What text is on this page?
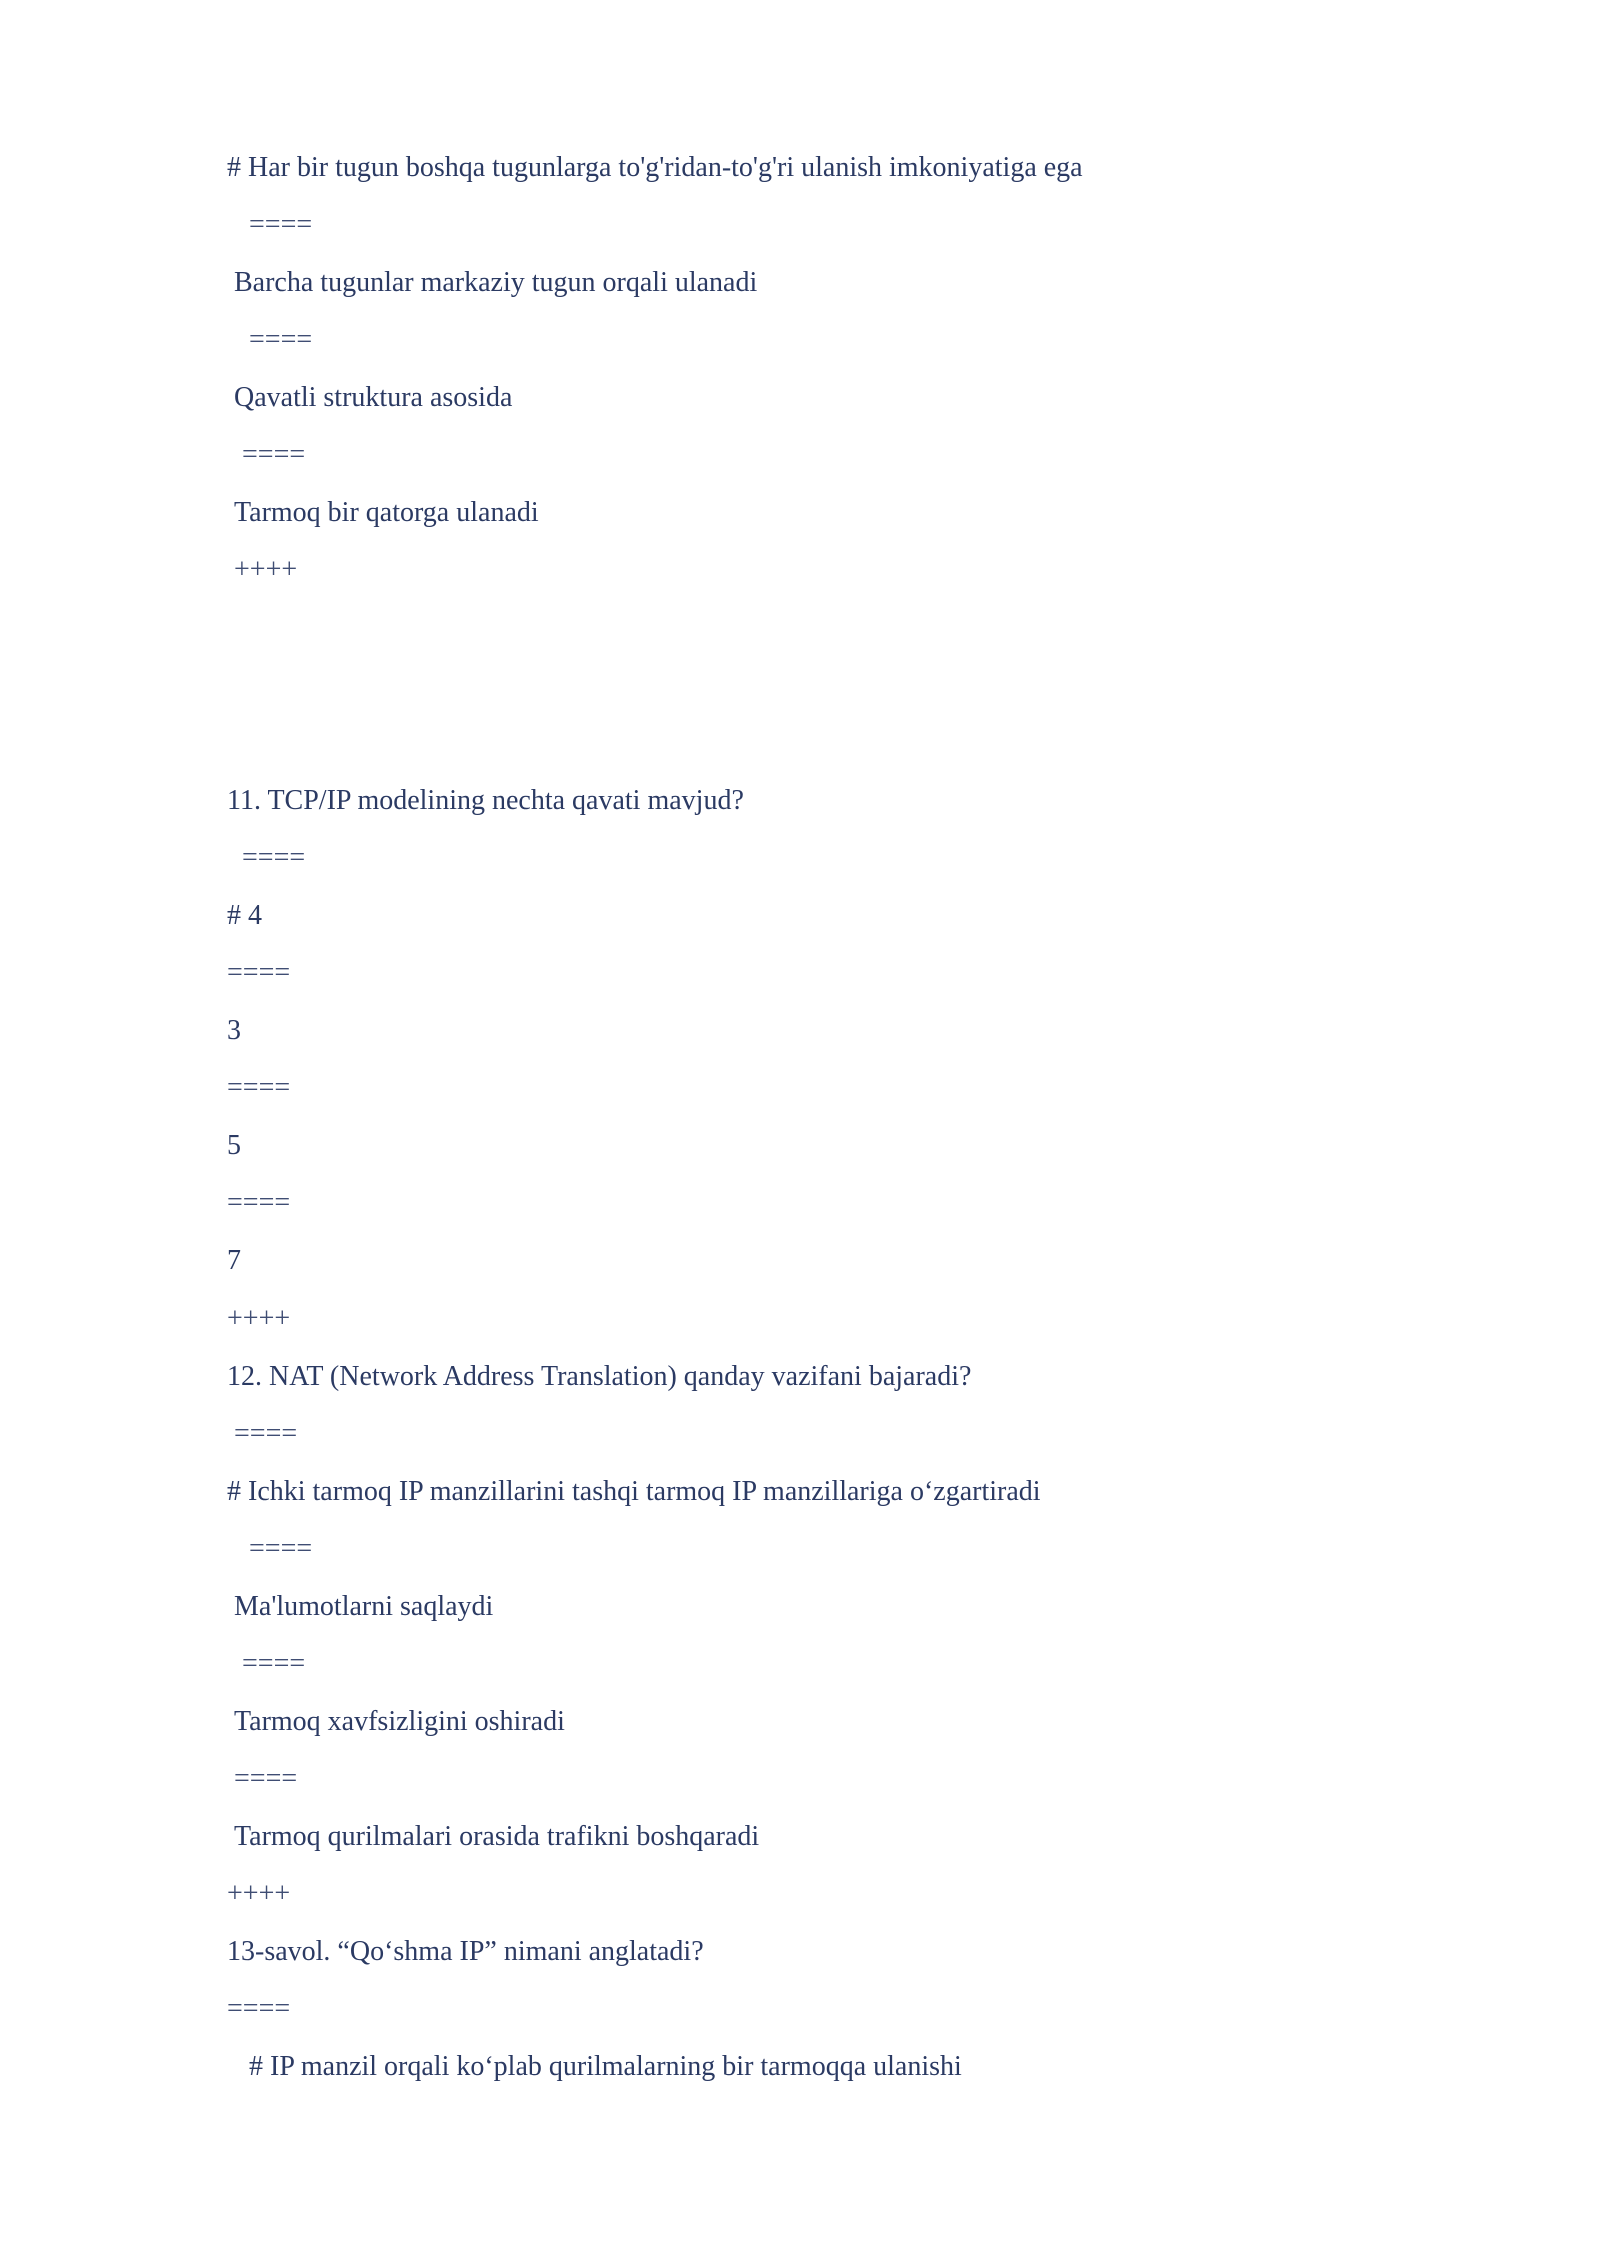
# Har bir tugun boshqa tugunlarga to'g'ridan-to'g'ri ulanish imkoniyatiga ega

====

Barcha tugunlar markaziy tugun orqali ulanadi

====

Qavatli struktura asosida

====

Tarmoq bir qatorga ulanadi

++++

11. TCP/IP modelining nechta qavati mavjud?

====

# 4

====

3

====

5

====

7

++++

12. NAT (Network Address Translation) qanday vazifani bajaradi?

====

# Ichki tarmoq IP manzillarini tashqi tarmoq IP manzillariga o‘zgartiradi

====

Ma'lumotlarni saqlaydi

====

Tarmoq xavfsizligini oshiradi

====

Tarmoq qurilmalari orasida trafikni boshqaradi

++++

13-savol. “Qo‘shma IP” nimani anglatadi?

====

# IP manzil orqali ko‘plab qurilmalarning bir tarmoqqa ulanishi
